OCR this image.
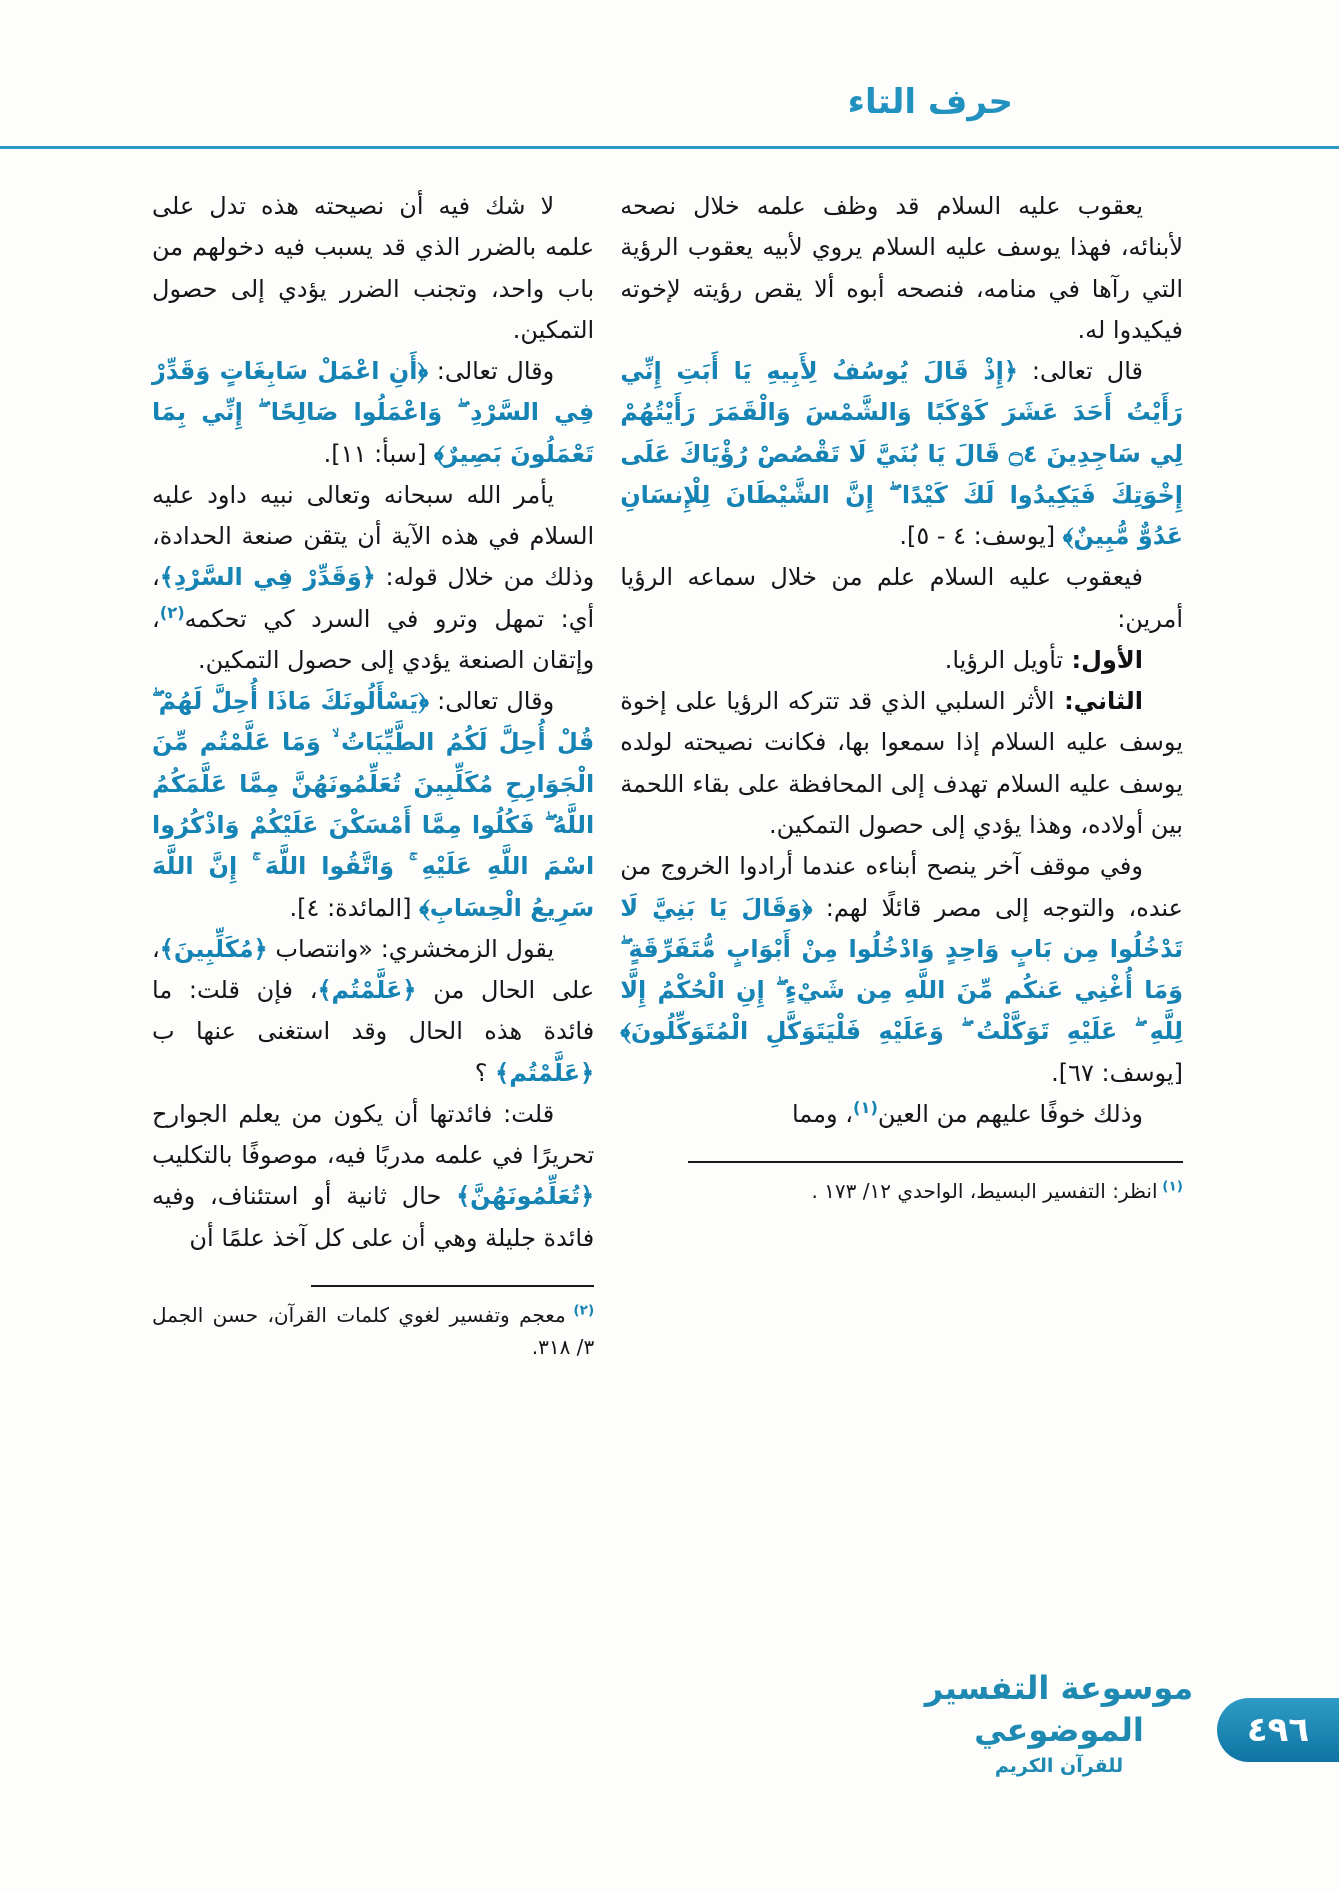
حرف التاء

يعقوب عليه السلام قد وظف علمه خلال نصحه لأبنائه، فهذا يوسف عليه السلام يروي لأبيه يعقوب الرؤية التي رآها في منامه، فنصحه أبوه ألا يقص رؤيته لإخوته فيكيدوا له.

قال تعالى: ﴿إِذْ قَالَ يُوسُفُ لِأَبِيهِ يَا أَبَتِ إِنِّي رَأَيْتُ أَحَدَ عَشَرَ كَوْكَبًا وَالشَّمْسَ وَالْقَمَرَ رَأَيْتُهُمْ لِي سَاجِدِينَ ۝٤ قَالَ يَا بُنَيَّ لَا تَقْصُصْ رُؤْيَاكَ عَلَى إِخْوَتِكَ فَيَكِيدُوا لَكَ كَيْدًا ۖ إِنَّ الشَّيْطَانَ لِلْإِنسَانِ عَدُوٌّ مُّبِينٌ﴾ [يوسف: ٤ - ٥].

فيعقوب عليه السلام علم من خلال سماعه الرؤيا أمرين:

الأول: تأويل الرؤيا.

الثاني: الأثر السلبي الذي قد تتركه الرؤيا على إخوة يوسف عليه السلام إذا سمعوا بها، فكانت نصيحته لولده يوسف عليه السلام تهدف إلى المحافظة على بقاء اللحمة بين أولاده، وهذا يؤدي إلى حصول التمكين.

وفي موقف آخر ينصح أبناءه عندما أرادوا الخروج من عنده، والتوجه إلى مصر قائلًا لهم: ﴿وَقَالَ يَا بَنِيَّ لَا تَدْخُلُوا مِن بَابٍ وَاحِدٍ وَادْخُلُوا مِنْ أَبْوَابٍ مُّتَفَرِّقَةٍ ۖ وَمَا أُغْنِي عَنكُم مِّنَ اللَّهِ مِن شَيْءٍ ۖ إِنِ الْحُكْمُ إِلَّا لِلَّهِ ۖ عَلَيْهِ تَوَكَّلْتُ ۖ وَعَلَيْهِ فَلْيَتَوَكَّلِ الْمُتَوَكِّلُونَ﴾ [يوسف: ٦٧].

وذلك خوفًا عليهم من العين$^{(١)}$، ومما

$^{(١)}$ انظر: التفسير البسيط، الواحدي ١٢/ ١٧٣ .

لا شك فيه أن نصيحته هذه تدل على علمه بالضرر الذي قد يسبب فيه دخولهم من باب واحد، وتجنب الضرر يؤدي إلى حصول التمكين.

وقال تعالى: ﴿أَنِ اعْمَلْ سَابِغَاتٍ وَقَدِّرْ فِي السَّرْدِ ۖ وَاعْمَلُوا صَالِحًا ۖ إِنِّي بِمَا تَعْمَلُونَ بَصِيرٌ﴾ [سبأ: ١١].

يأمر الله سبحانه وتعالى نبيه داود عليه السلام في هذه الآية أن يتقن صنعة الحدادة، وذلك من خلال قوله: ﴿وَقَدِّرْ فِي السَّرْدِ﴾، أي: تمهل وترو في السرد كي تحكمه$^{(٢)}$، وإتقان الصنعة يؤدي إلى حصول التمكين.

وقال تعالى: ﴿يَسْأَلُونَكَ مَاذَا أُحِلَّ لَهُمْ ۖ قُلْ أُحِلَّ لَكُمُ الطَّيِّبَاتُ ۙ وَمَا عَلَّمْتُم مِّنَ الْجَوَارِحِ مُكَلِّبِينَ تُعَلِّمُونَهُنَّ مِمَّا عَلَّمَكُمُ اللَّهُ ۖ فَكُلُوا مِمَّا أَمْسَكْنَ عَلَيْكُمْ وَاذْكُرُوا اسْمَ اللَّهِ عَلَيْهِ ۚ وَاتَّقُوا اللَّهَ ۚ إِنَّ اللَّهَ سَرِيعُ الْحِسَابِ﴾ [المائدة: ٤].

يقول الزمخشري: «وانتصاب ﴿مُكَلِّبِينَ﴾، على الحال من ﴿عَلَّمْتُم﴾، فإن قلت: ما فائدة هذه الحال وقد استغنى عنها ب ﴿عَلَّمْتُم﴾ ؟

قلت: فائدتها أن يكون من يعلم الجوارح تحريرًا في علمه مدربًا فيه، موصوفًا بالتكليب ﴿تُعَلِّمُونَهُنَّ﴾ حال ثانية أو استئناف، وفيه فائدة جليلة وهي أن على كل آخذ علمًا أن

$^{(٢)}$ معجم وتفسير لغوي كلمات القرآن، حسن الجمل ٣/ ٣١٨.

موسوعة التفسير الموضوعي
للقرآن الكريم
٤٩٦
